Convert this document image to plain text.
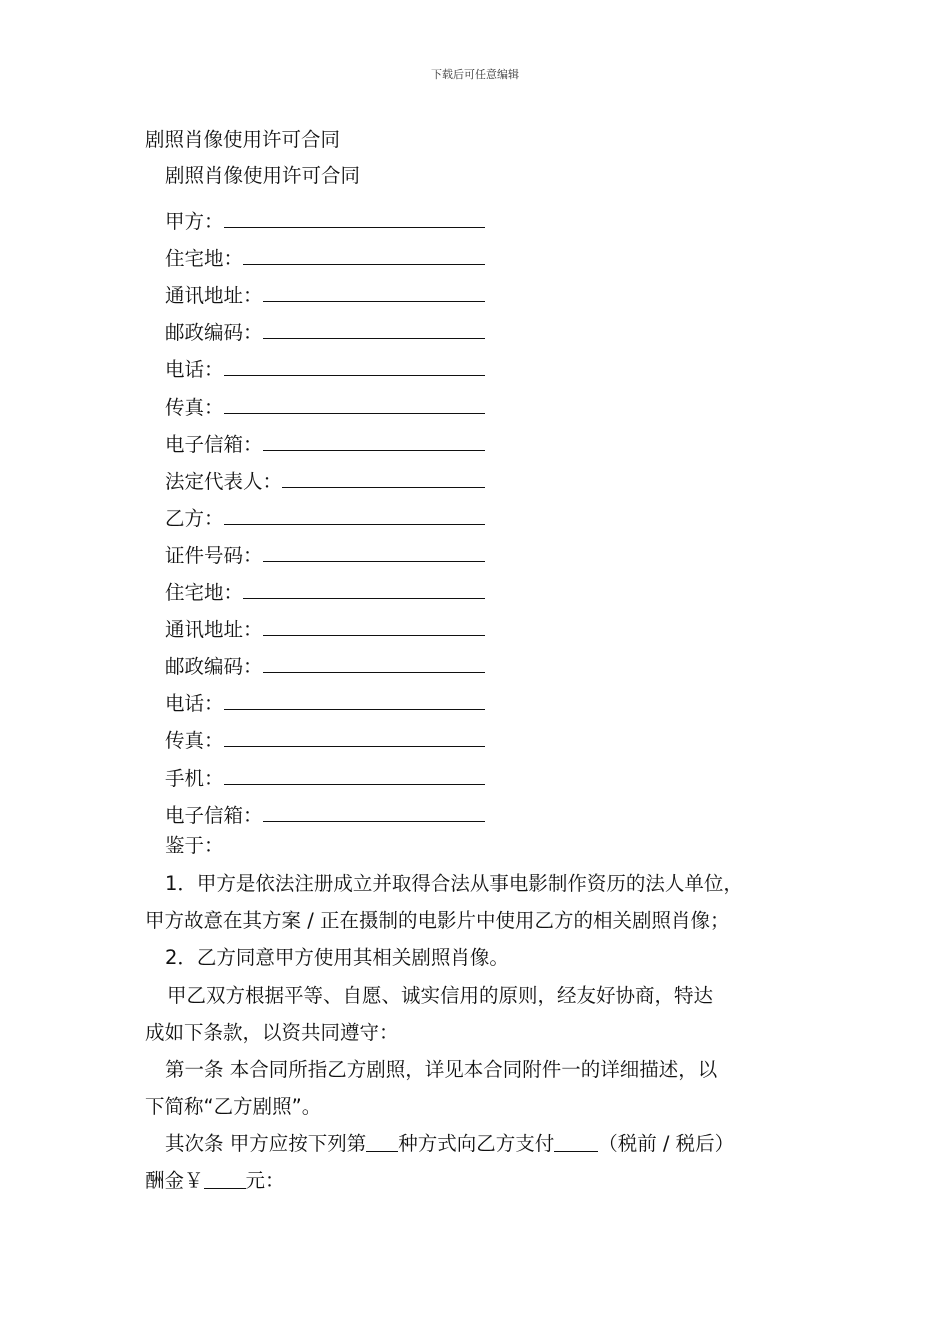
下载后可任意编辑
剧照肖像使用许可合同
剧照肖像使用许可合同
甲方：
住宅地：
通讯地址：
邮政编码：
电话：
传真：
电子信箱：
法定代表人：
乙方：
证件号码：
住宅地：
通讯地址：
邮政编码：
电话：
传真：
手机：
电子信箱：
鉴于：
1．甲方是依法注册成立并取得合法从事电影制作资历的法人单位，
甲方故意在其方案 / 正在摄制的电影片中使用乙方的相关剧照肖像；
2．乙方同意甲方使用其相关剧照肖像。
甲乙双方根据平等、自愿、诚实信用的原则，经友好协商，特达
成如下条款，以资共同遵守：
第一条 本合同所指乙方剧照，详见本合同附件一的详细描述，以
下简称“乙方剧照”。
其次条 甲方应按下列第 种方式向乙方支付 （税前 / 税后）
酬金￥ 元：
